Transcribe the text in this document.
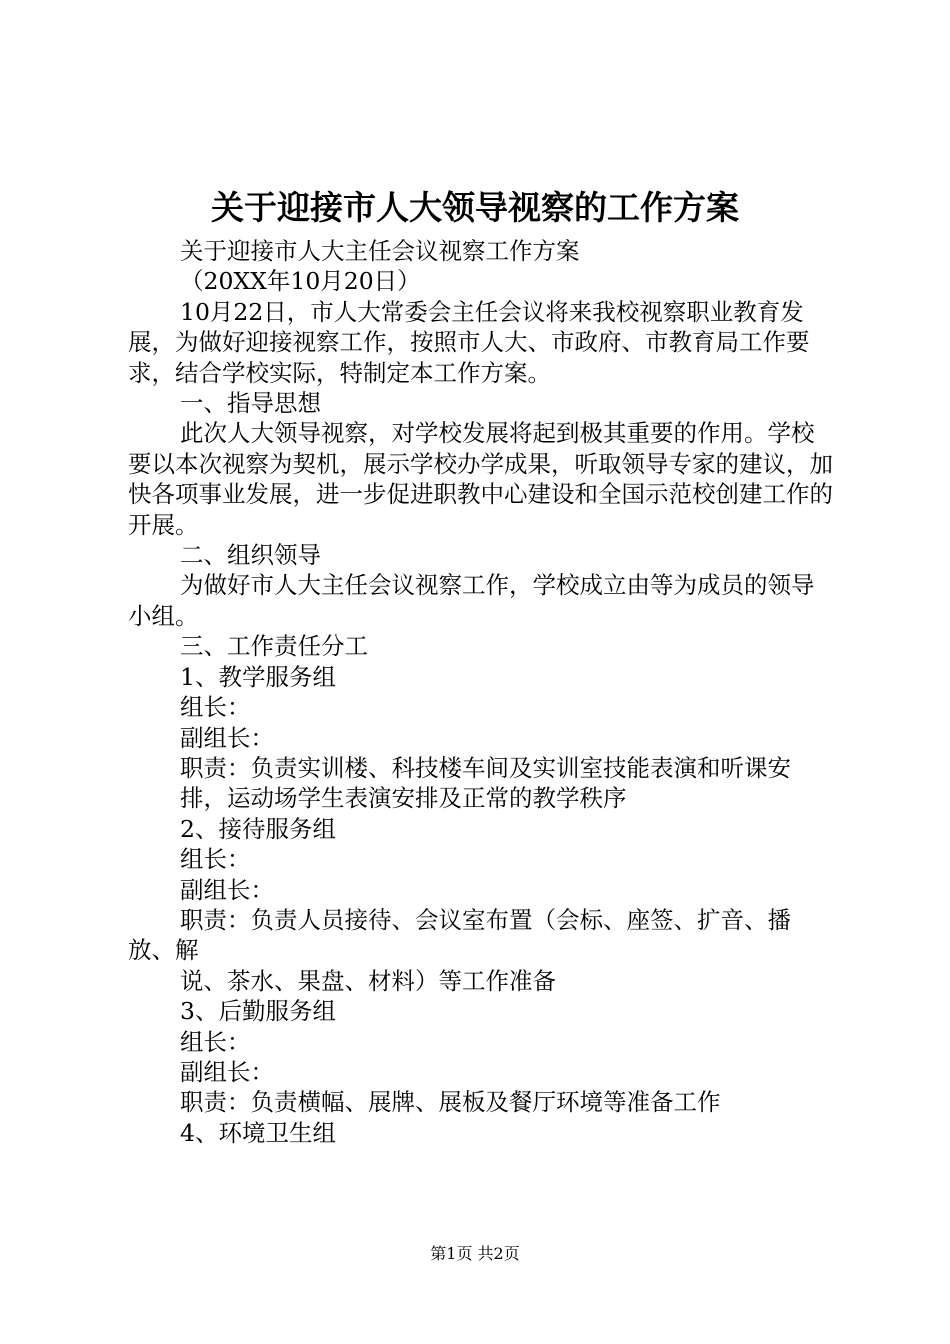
关于迎接市人大领导视察的工作方案

关于迎接市人大主任会议视察工作方案

（20XX年10月20日）

10月22日，市人大常委会主任会议将来我校视察职业教育发展，为做好迎接视察工作，按照市人大、市政府、市教育局工作要求，结合学校实际，特制定本工作方案。

一、指导思想

此次人大领导视察，对学校发展将起到极其重要的作用。学校要以本次视察为契机，展示学校办学成果，听取领导专家的建议，加快各项事业发展，进一步促进职教中心建设和全国示范校创建工作的开展。

二、组织领导

为做好市人大主任会议视察工作，学校成立由等为成员的领导小组。

三、工作责任分工

1、教学服务组

组长：

副组长：

职责：负责实训楼、科技楼车间及实训室技能表演和听课安

排，运动场学生表演安排及正常的教学秩序

2、接待服务组

组长：

副组长：

职责：负责人员接待、会议室布置（会标、座签、扩音、播放、解

说、茶水、果盘、材料）等工作准备

3、后勤服务组

组长：

副组长：

职责：负责横幅、展牌、展板及餐厅环境等准备工作

4、环境卫生组

第1页 共2页
